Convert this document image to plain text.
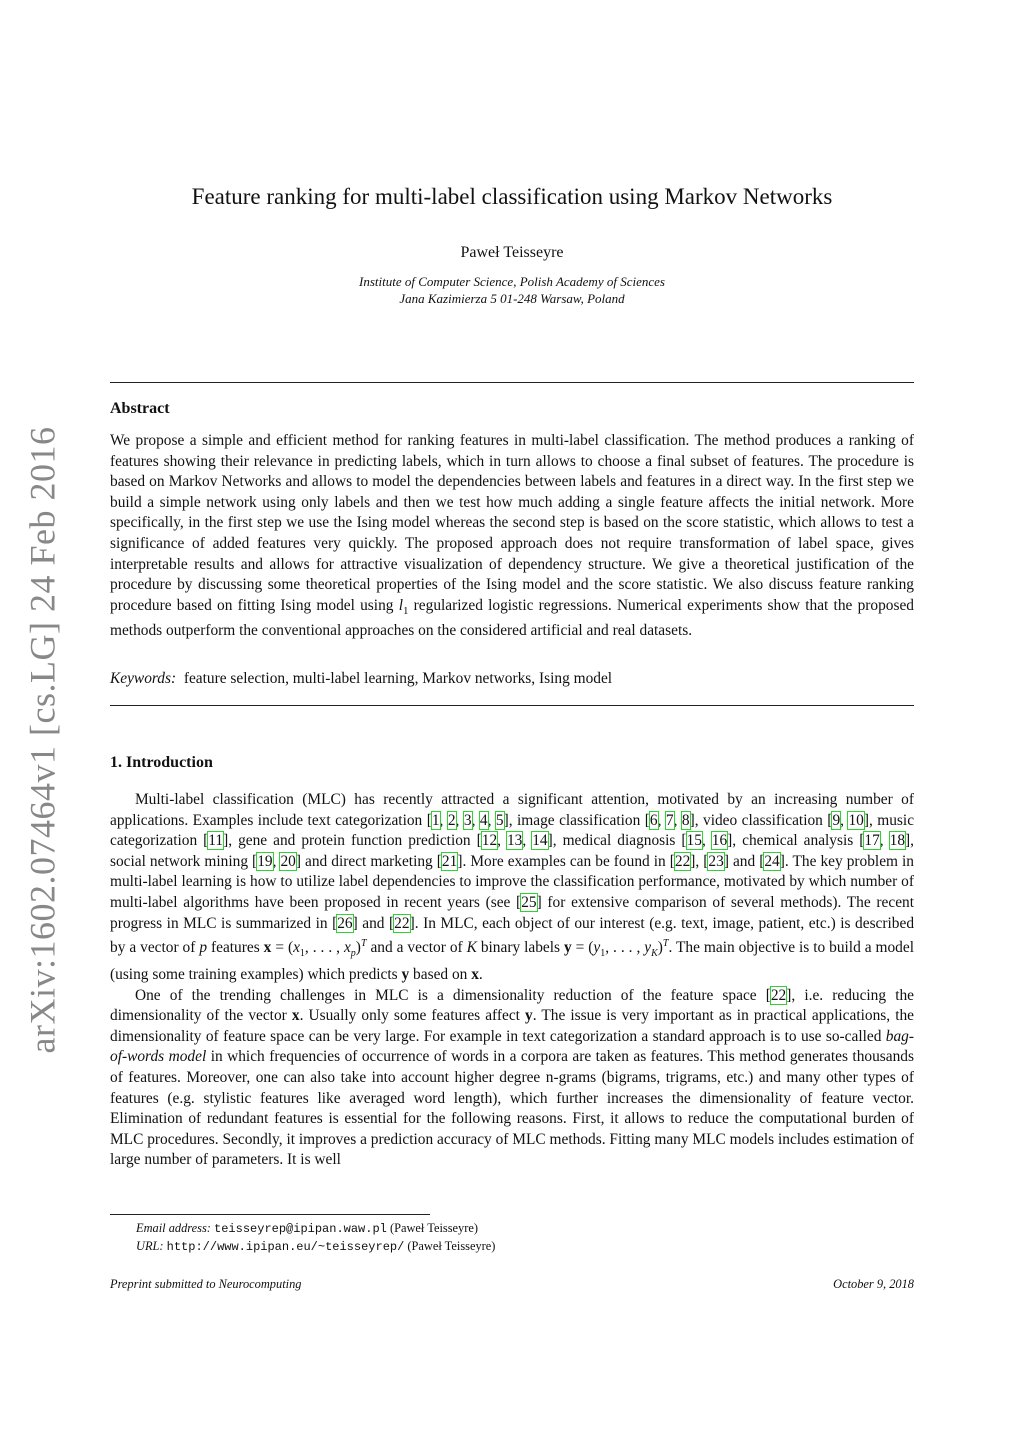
arXiv:1602.07464v1 [cs.LG] 24 Feb 2016
Feature ranking for multi-label classification using Markov Networks
Paweł Teisseyre
Institute of Computer Science, Polish Academy of Sciences
Jana Kazimierza 5 01-248 Warsaw, Poland
Abstract
We propose a simple and efficient method for ranking features in multi-label classification. The method produces a ranking of features showing their relevance in predicting labels, which in turn allows to choose a final subset of features. The procedure is based on Markov Networks and allows to model the dependencies between labels and features in a direct way. In the first step we build a simple network using only labels and then we test how much adding a single feature affects the initial network. More specifically, in the first step we use the Ising model whereas the second step is based on the score statistic, which allows to test a significance of added features very quickly. The proposed approach does not require transformation of label space, gives interpretable results and allows for attractive visualization of dependency structure. We give a theoretical justification of the procedure by discussing some theoretical properties of the Ising model and the score statistic. We also discuss feature ranking procedure based on fitting Ising model using $l_1$ regularized logistic regressions. Numerical experiments show that the proposed methods outperform the conventional approaches on the considered artificial and real datasets.
Keywords: feature selection, multi-label learning, Markov networks, Ising model
1. Introduction

Multi-label classification (MLC) has recently attracted a significant attention, motivated by an increasing number of applications. Examples include text categorization [1, 2, 3, 4, 5], image classification [6, 7, 8], video classification [9, 10], music categorization [11], gene and protein function prediction [12, 13, 14], medical diagnosis [15, 16], chemical analysis [17, 18], social network mining [19, 20] and direct marketing [21]. More examples can be found in [22], [23] and [24]. The key problem in multi-label learning is how to utilize label dependencies to improve the classification performance, motivated by which number of multi-label algorithms have been proposed in recent years (see [25] for extensive comparison of several methods). The recent progress in MLC is summarized in [26] and [22]. In MLC, each object of our interest (e.g. text, image, patient, etc.) is described by a vector of p features $x = (x_1$, . . . , $x_p)^T$ and a vector of K binary labels $y = (y_1$, . . . , $y_K)^T$. The main objective is to build a model (using some training examples) which predicts y based on x.

One of the trending challenges in MLC is a dimensionality reduction of the feature space [22], i.e. reducing the dimensionality of the vector x. Usually only some features affect y. The issue is very important as in practical applications, the dimensionality of feature space can be very large. For example in text categorization a standard approach is to use so-called bag-of-words model in which frequencies of occurrence of words in a corpora are taken as features. This method generates thousands of features. Moreover, one can also take into account higher degree n-grams (bigrams, trigrams, etc.) and many other types of features (e.g. stylistic features like averaged word length), which further increases the dimensionality of feature vector. Elimination of redundant features is essential for the following reasons. First, it allows to reduce the computational burden of MLC procedures. Secondly, it improves a prediction accuracy of MLC methods. Fitting many MLC models includes estimation of large number of parameters. It is well

Email address: teisseyrep@ipipan.waw.pl (Paweł Teisseyre)
URL: http://www.ipipan.eu/~teisseyrep/ (Paweł Teisseyre)
Preprint submitted to Neurocomputing	October 9, 2018
